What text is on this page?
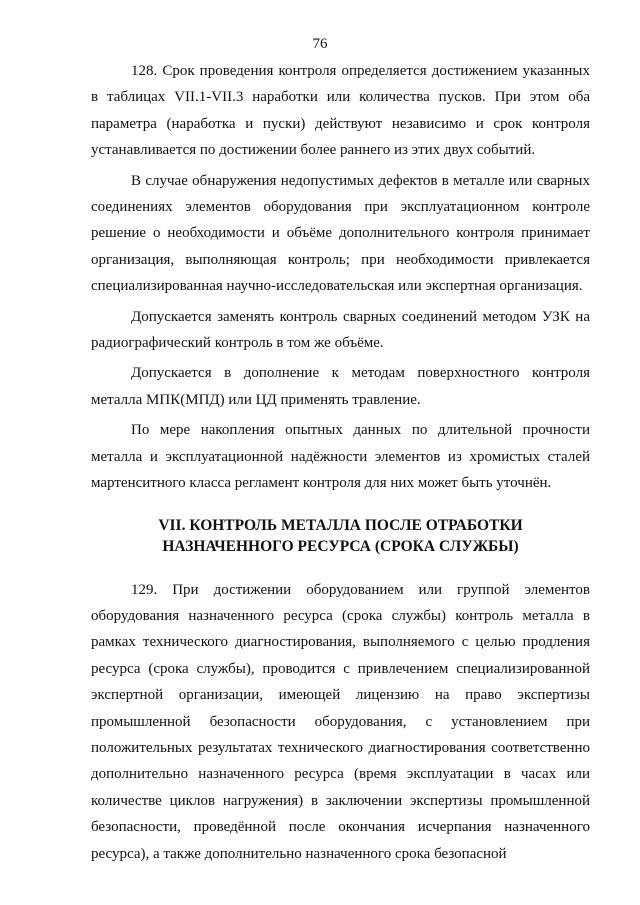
76

128. Срок проведения контроля определяется достижением указанных в таблицах VII.1-VII.3 наработки или количества пусков. При этом оба параметра (наработка и пуски) действуют независимо и срок контроля устанавливается по достижении более раннего из этих двух событий.

В случае обнаружения недопустимых дефектов в металле или сварных соединениях элементов оборудования при эксплуатационном контроле решение о необходимости и объёме дополнительного контроля принимает организация, выполняющая контроль; при необходимости привлекается специализированная научно-исследовательская или экспертная организация.

Допускается заменять контроль сварных соединений методом УЗК на радиографический контроль в том же объёме.

Допускается в дополнение к методам поверхностного контроля металла МПК(МПД) или ЦД применять травление.

По мере накопления опытных данных по длительной прочности металла и эксплуатационной надёжности элементов из хромистых сталей мартенситного класса регламент контроля для них может быть уточнён.

VII. КОНТРОЛЬ МЕТАЛЛА ПОСЛЕ ОТРАБОТКИ НАЗНАЧЕННОГО РЕСУРСА (СРОКА СЛУЖБЫ)

129. При достижении оборудованием или группой элементов оборудования назначенного ресурса (срока службы) контроль металла в рамках технического диагностирования, выполняемого с целью продления ресурса (срока службы), проводится с привлечением специализированной экспертной организации, имеющей лицензию на право экспертизы промышленной безопасности оборудования, с установлением при положительных результатах технического диагностирования соответственно дополнительно назначенного ресурса (время эксплуатации в часах или количестве циклов нагружения) в заключении экспертизы промышленной безопасности, проведённой после окончания исчерпания назначенного ресурса), а также дополнительно назначенного срока безопасной
